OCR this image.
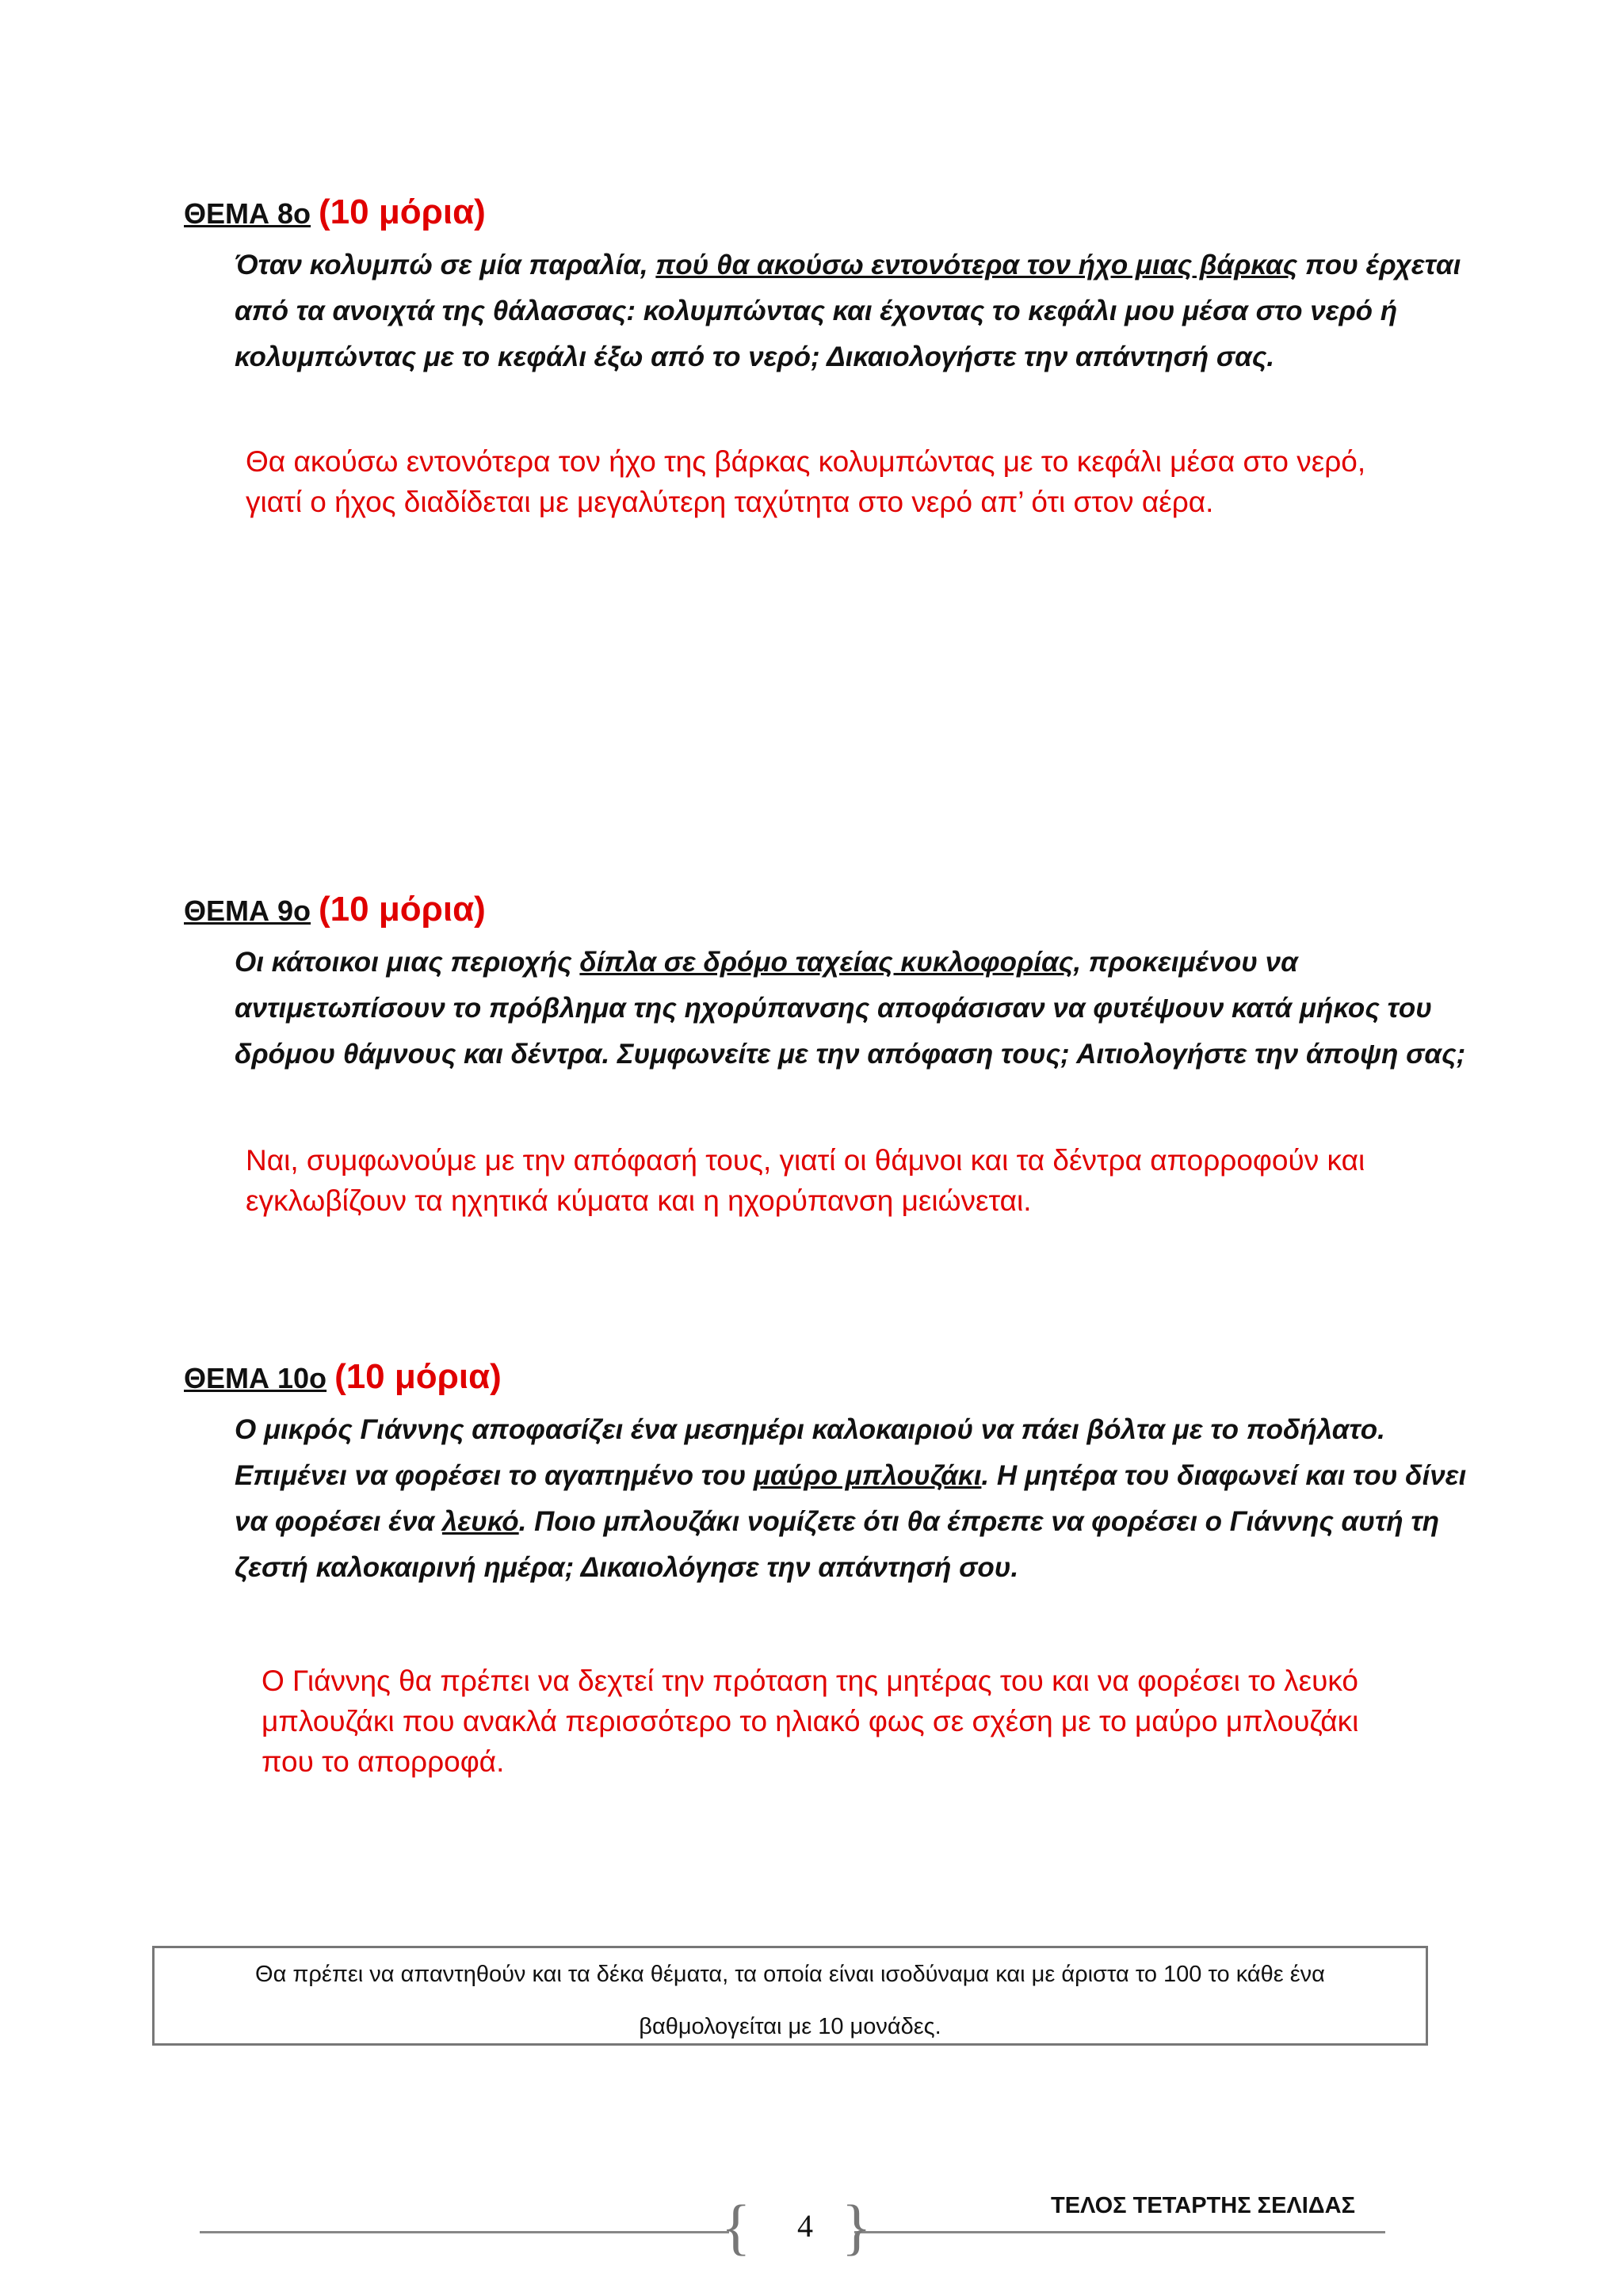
ΘΕΜΑ 8ο (10 μόρια)
Όταν κολυμπώ σε μία παραλία, πού θα ακούσω εντονότερα τον ήχο μιας βάρκας που έρχεται από τα ανοιχτά της θάλασσας: κολυμπώντας και έχοντας το κεφάλι μου μέσα στο νερό ή κολυμπώντας με το κεφάλι έξω από το νερό; Δικαιολογήστε την απάντησή σας.
Θα ακούσω εντονότερα τον ήχο της βάρκας κολυμπώντας με το κεφάλι μέσα στο νερό, γιατί ο ήχος διαδίδεται με μεγαλύτερη ταχύτητα στο νερό απ’ ότι στον αέρα.
ΘΕΜΑ 9ο (10 μόρια)
Οι κάτοικοι μιας περιοχής δίπλα σε δρόμο ταχείας κυκλοφορίας, προκειμένου να αντιμετωπίσουν το πρόβλημα της ηχορύπανσης αποφάσισαν να φυτέψουν κατά μήκος του δρόμου θάμνους και δέντρα. Συμφωνείτε με την απόφαση τους; Αιτιολογήστε την άποψη σας;
Ναι, συμφωνούμε με την απόφασή τους, γιατί οι θάμνοι και τα δέντρα απορροφούν και εγκλωβίζουν τα ηχητικά κύματα και η ηχορύπανση μειώνεται.
ΘΕΜΑ 10ο (10 μόρια)
Ο μικρός Γιάννης αποφασίζει ένα μεσημέρι καλοκαιριού να πάει βόλτα με το ποδήλατο. Επιμένει να φορέσει το αγαπημένο του μαύρο μπλουζάκι. Η μητέρα του διαφωνεί και του δίνει να φορέσει ένα λευκό. Ποιο μπλουζάκι νομίζετε ότι θα έπρεπε να φορέσει ο Γιάννης αυτή τη ζεστή καλοκαιρινή ημέρα; Δικαιολόγησε την απάντησή σου.
Ο Γιάννης θα πρέπει να δεχτεί την πρόταση της μητέρας του και να φορέσει το λευκό μπλουζάκι που ανακλά περισσότερο το ηλιακό φως σε σχέση με το μαύρο μπλουζάκι που το απορροφά.
Θα πρέπει να απαντηθούν και τα δέκα θέματα, τα οποία είναι ισοδύναμα και με άριστα το 100 το κάθε ένα
βαθμολογείται με 10 μονάδες.
{ }
4
ΤΕΛΟΣ ΤΕΤΑΡΤΗΣ ΣΕΛΙΔΑΣ
